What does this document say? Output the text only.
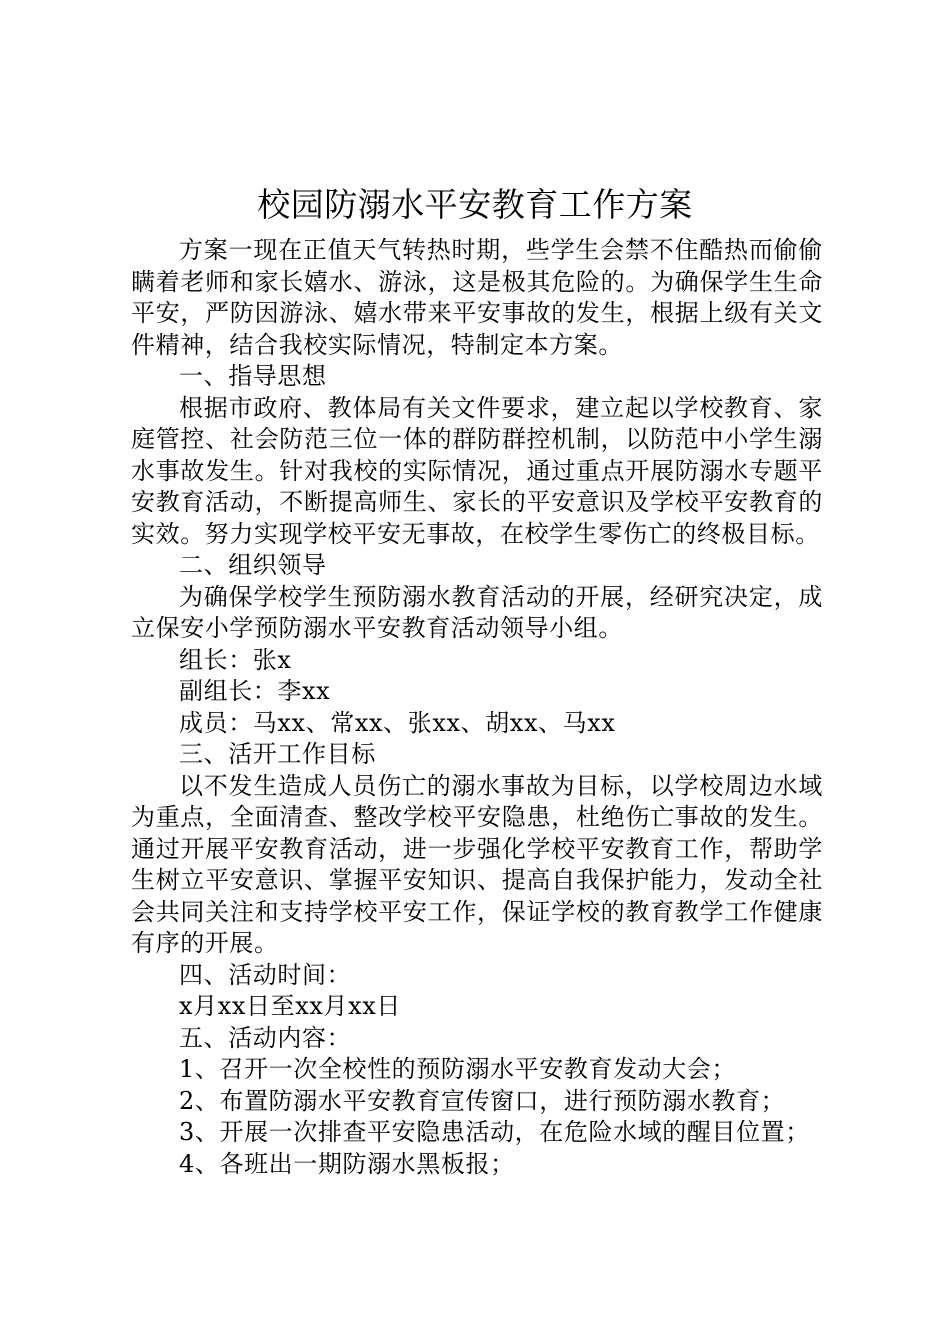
校园防溺水平安教育工作方案

方案一现在正值天气转热时期，些学生会禁不住酷热而偷偷瞒着老师和家长嬉水、游泳，这是极其危险的。为确保学生生命平安，严防因游泳、嬉水带来平安事故的发生，根据上级有关文件精神，结合我校实际情况，特制定本方案。

一、指导思想

根据市政府、教体局有关文件要求，建立起以学校教育、家庭管控、社会防范三位一体的群防群控机制，以防范中小学生溺水事故发生。针对我校的实际情况，通过重点开展防溺水专题平安教育活动，不断提高师生、家长的平安意识及学校平安教育的实效。努力实现学校平安无事故，在校学生零伤亡的终极目标。

二、组织领导

为确保学校学生预防溺水教育活动的开展，经研究决定，成立保安小学预防溺水平安教育活动领导小组。

组长：张x

副组长：李xx

成员：马xx、常xx、张xx、胡xx、马xx

三、活开工作目标

以不发生造成人员伤亡的溺水事故为目标，以学校周边水域为重点，全面清查、整改学校平安隐患，杜绝伤亡事故的发生。通过开展平安教育活动，进一步强化学校平安教育工作，帮助学生树立平安意识、掌握平安知识、提高自我保护能力，发动全社会共同关注和支持学校平安工作，保证学校的教育教学工作健康有序的开展。

四、活动时间：

x月xx日至xx月xx日

五、活动内容：

1、召开一次全校性的预防溺水平安教育发动大会；

2、布置防溺水平安教育宣传窗口，进行预防溺水教育；

3、开展一次排查平安隐患活动，在危险水域的醒目位置；

4、各班出一期防溺水黑板报；
